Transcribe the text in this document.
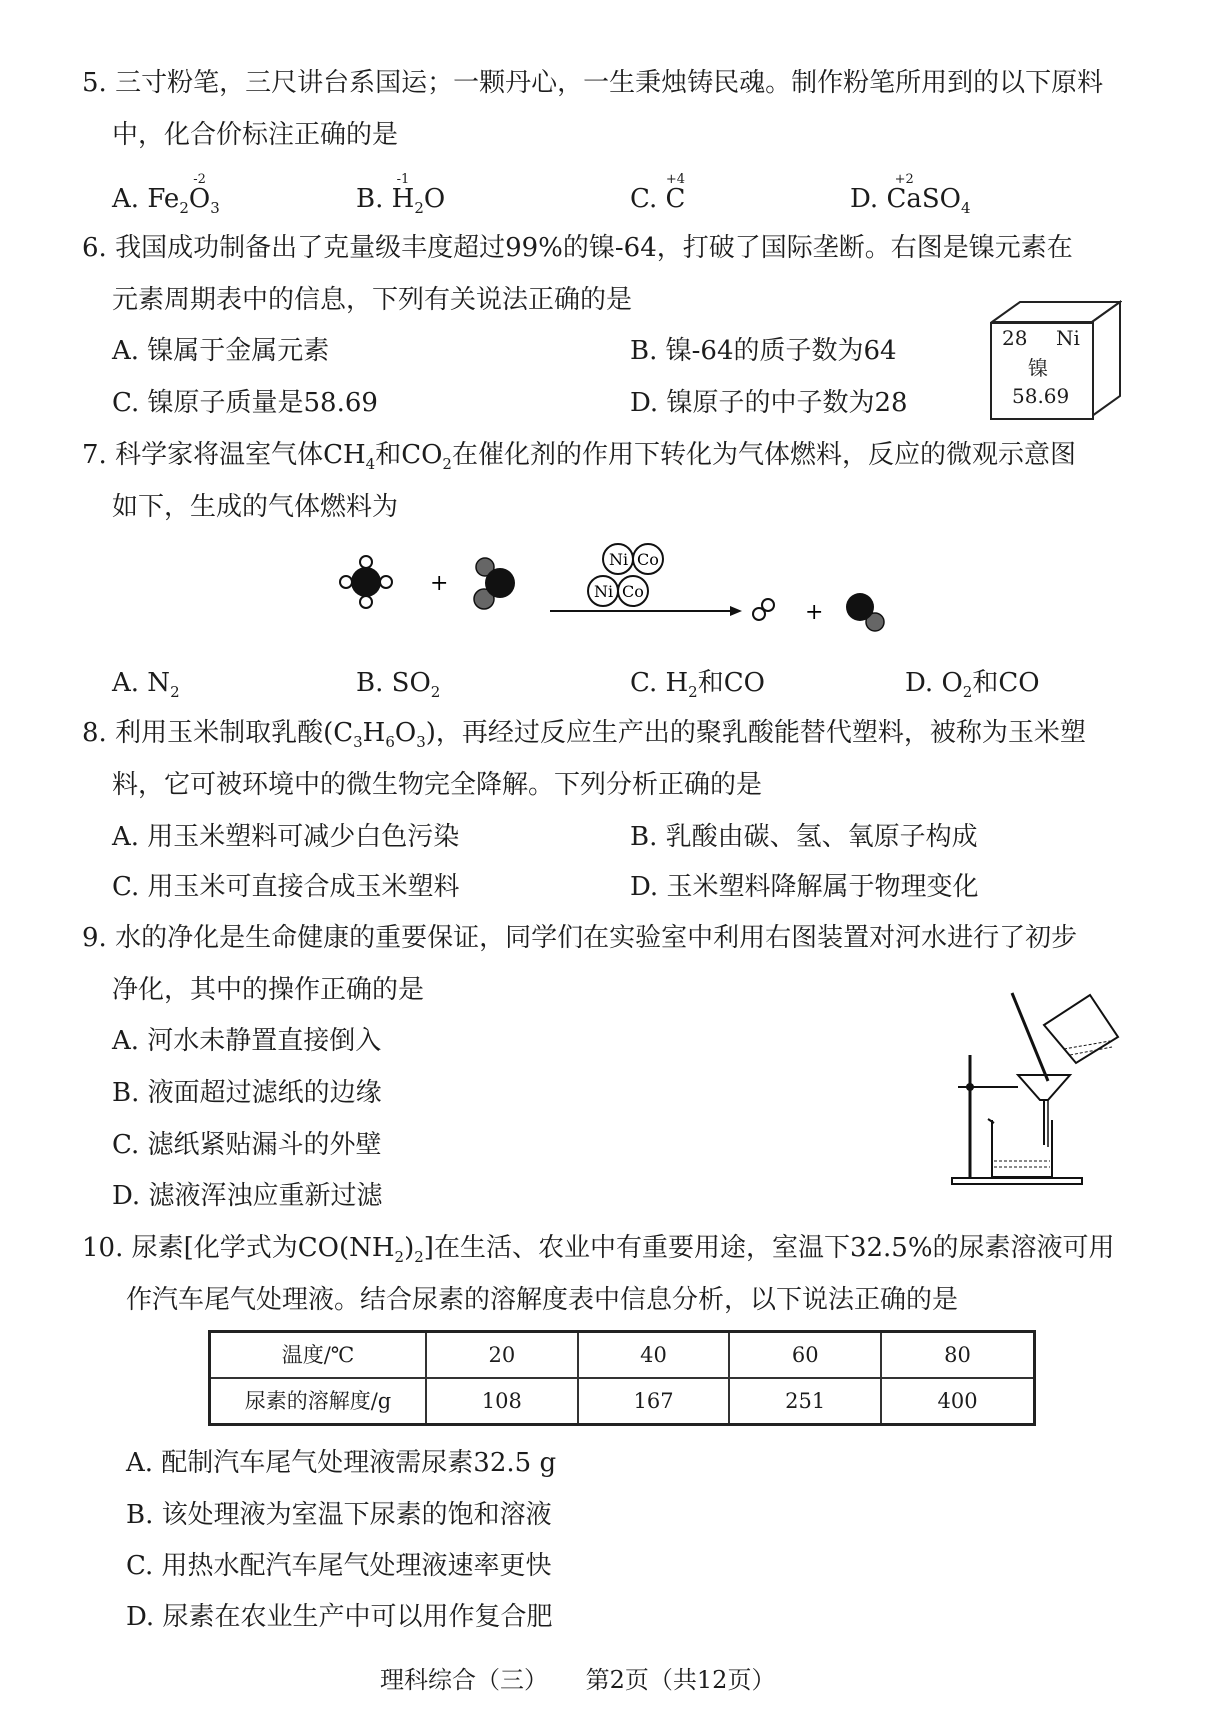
5. 三寸粉笔，三尺讲台系国运；一颗丹心，一生秉烛铸民魂。制作粉笔所用到的以下原料
中，化合价标注正确的是
A. $Fe_2O$
-2
$_3$	B. H
-1
$_2$O	C. C
+4
D. Ca
+2
$SO_4$
6. 我国成功制备出了克量级丰度超过99%的镍-64，打破了国际垄断。右图是镍元素在
元素周期表中的信息，下列有关说法正确的是
A. 镍属于金属元素	B. 镍-64的质子数为64
C. 镍原子质量是58.69	D. 镍原子的中子数为28
28 Ni
镍
58.69
7. 科学家将温室气体$CH_4$和$CO_2$在催化剂的作用下转化为气体燃料，反应的微观示意图
如下，生成的气体燃料为
+
Ni Co
Ni Co
+
A. $N_2$	B. $SO_2$	C. $H_2$和CO	D. $O_2$和CO
8. 利用玉米制取乳酸$(C_3H_6O_3)$，再经过反应生产出的聚乳酸能替代塑料，被称为玉米塑
料，它可被环境中的微生物完全降解。下列分析正确的是
A. 用玉米塑料可减少白色污染	B. 乳酸由碳、氢、氧原子构成
C. 用玉米可直接合成玉米塑料	D. 玉米塑料降解属于物理变化
9. 水的净化是生命健康的重要保证，同学们在实验室中利用右图装置对河水进行了初步
净化，其中的操作正确的是
A. 河水未静置直接倒入
B. 液面超过滤纸的边缘
C. 滤纸紧贴漏斗的外壁
D. 滤液浑浊应重新过滤
10. 尿素[化学式为$CO(NH_2)_2$]在生活、农业中有重要用途，室温下32.5%的尿素溶液可用
作汽车尾气处理液。结合尿素的溶解度表中信息分析，以下说法正确的是
温度/℃	20	40	60	80
尿素的溶解度/g	108	167	251	400
A. 配制汽车尾气处理液需尿素32.5 g
B. 该处理液为室温下尿素的饱和溶液
C. 用热水配汽车尾气处理液速率更快
D. 尿素在农业生产中可以用作复合肥
理科综合（三） 第2页（共12页）
